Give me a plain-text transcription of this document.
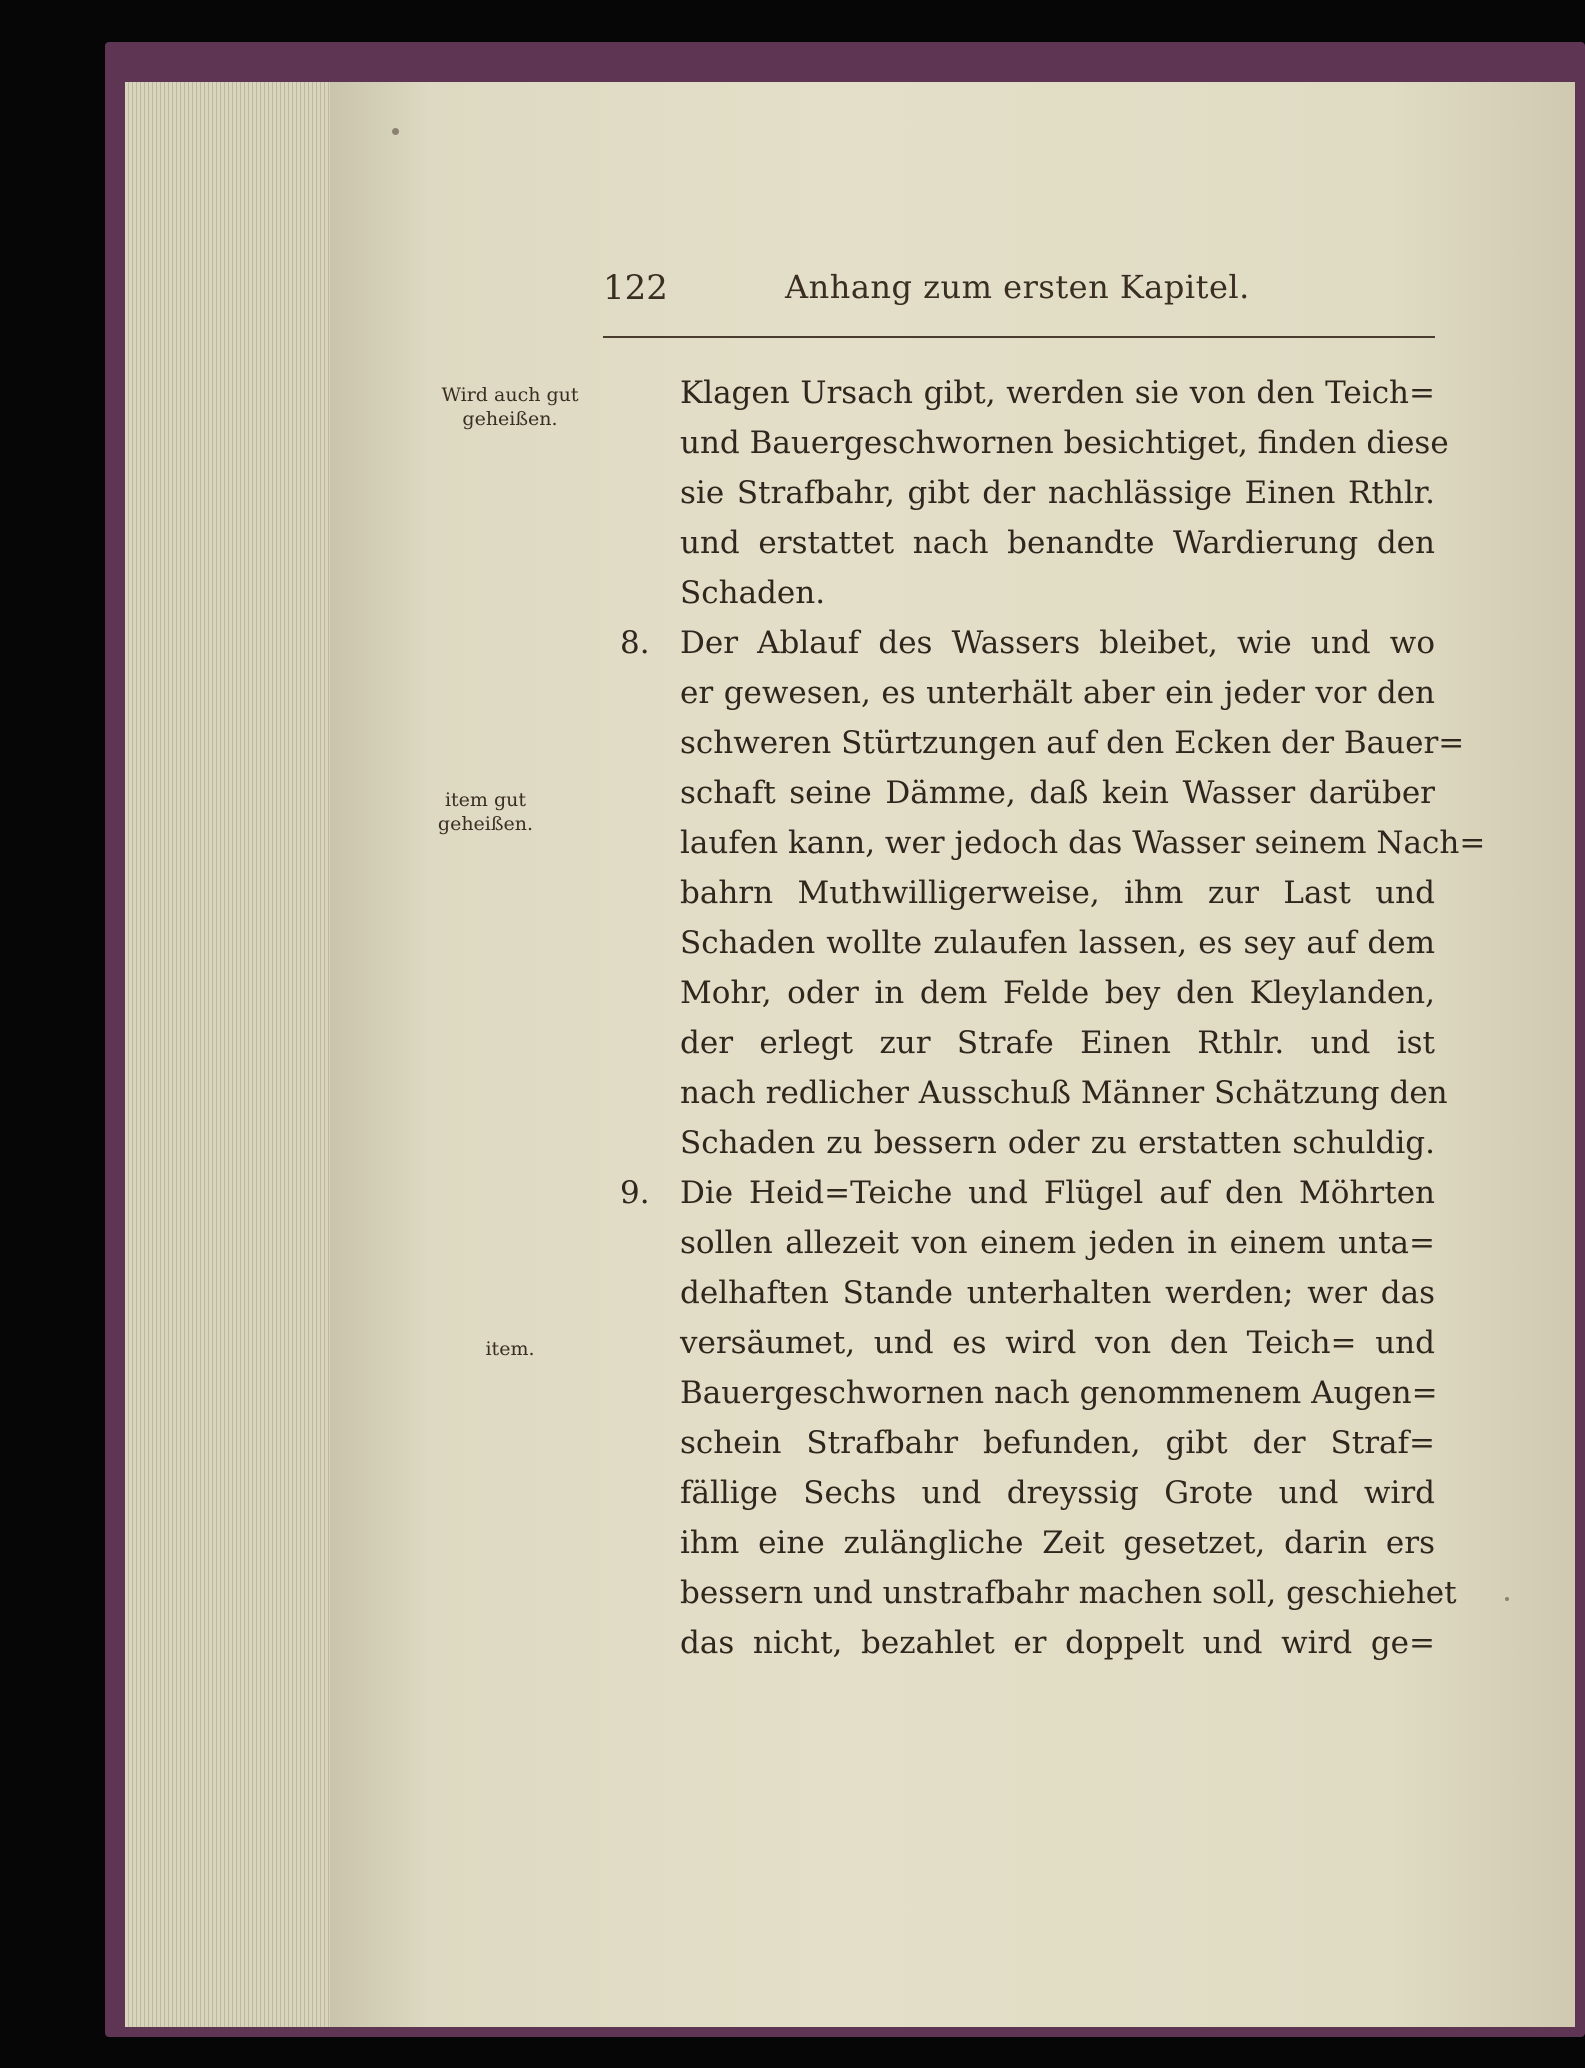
122	Anhang zum ersten Kapitel.
Wird auch gut geheißen.
item gut geheißen.
item.
8.
9.
Klagen Ursach gibt, werden sie von den Teich=
und Bauergeschwornen besichtiget, finden diese
sie Strafbahr, gibt der nachlässige Einen Rthlr.
und erstattet nach benandte Wardierung den
Schaden.
Der Ablauf des Wassers bleibet, wie und wo
er gewesen, es unterhält aber ein jeder vor den
schweren Stürtzungen auf den Ecken der Bauer=
schaft seine Dämme, daß kein Wasser darüber
laufen kann, wer jedoch das Wasser seinem Nach=
bahrn Muthwilligerweise, ihm zur Last und
Schaden wollte zulaufen lassen, es sey auf dem
Mohr, oder in dem Felde bey den Kleylanden,
der erlegt zur Strafe Einen Rthlr. und ist
nach redlicher Ausschuß Männer Schätzung den
Schaden zu bessern oder zu erstatten schuldig.
Die Heid=Teiche und Flügel auf den Möhrten
sollen allezeit von einem jeden in einem unta=
delhaften Stande unterhalten werden; wer das
versäumet, und es wird von den Teich= und
Bauergeschwornen nach genommenem Augen=
schein Strafbahr befunden, gibt der Straf=
fällige Sechs und dreyssig Grote und wird
ihm eine zulängliche Zeit gesetzet, darin ers
bessern und unstrafbahr machen soll, geschiehet
das nicht, bezahlet er doppelt und wird ge=
